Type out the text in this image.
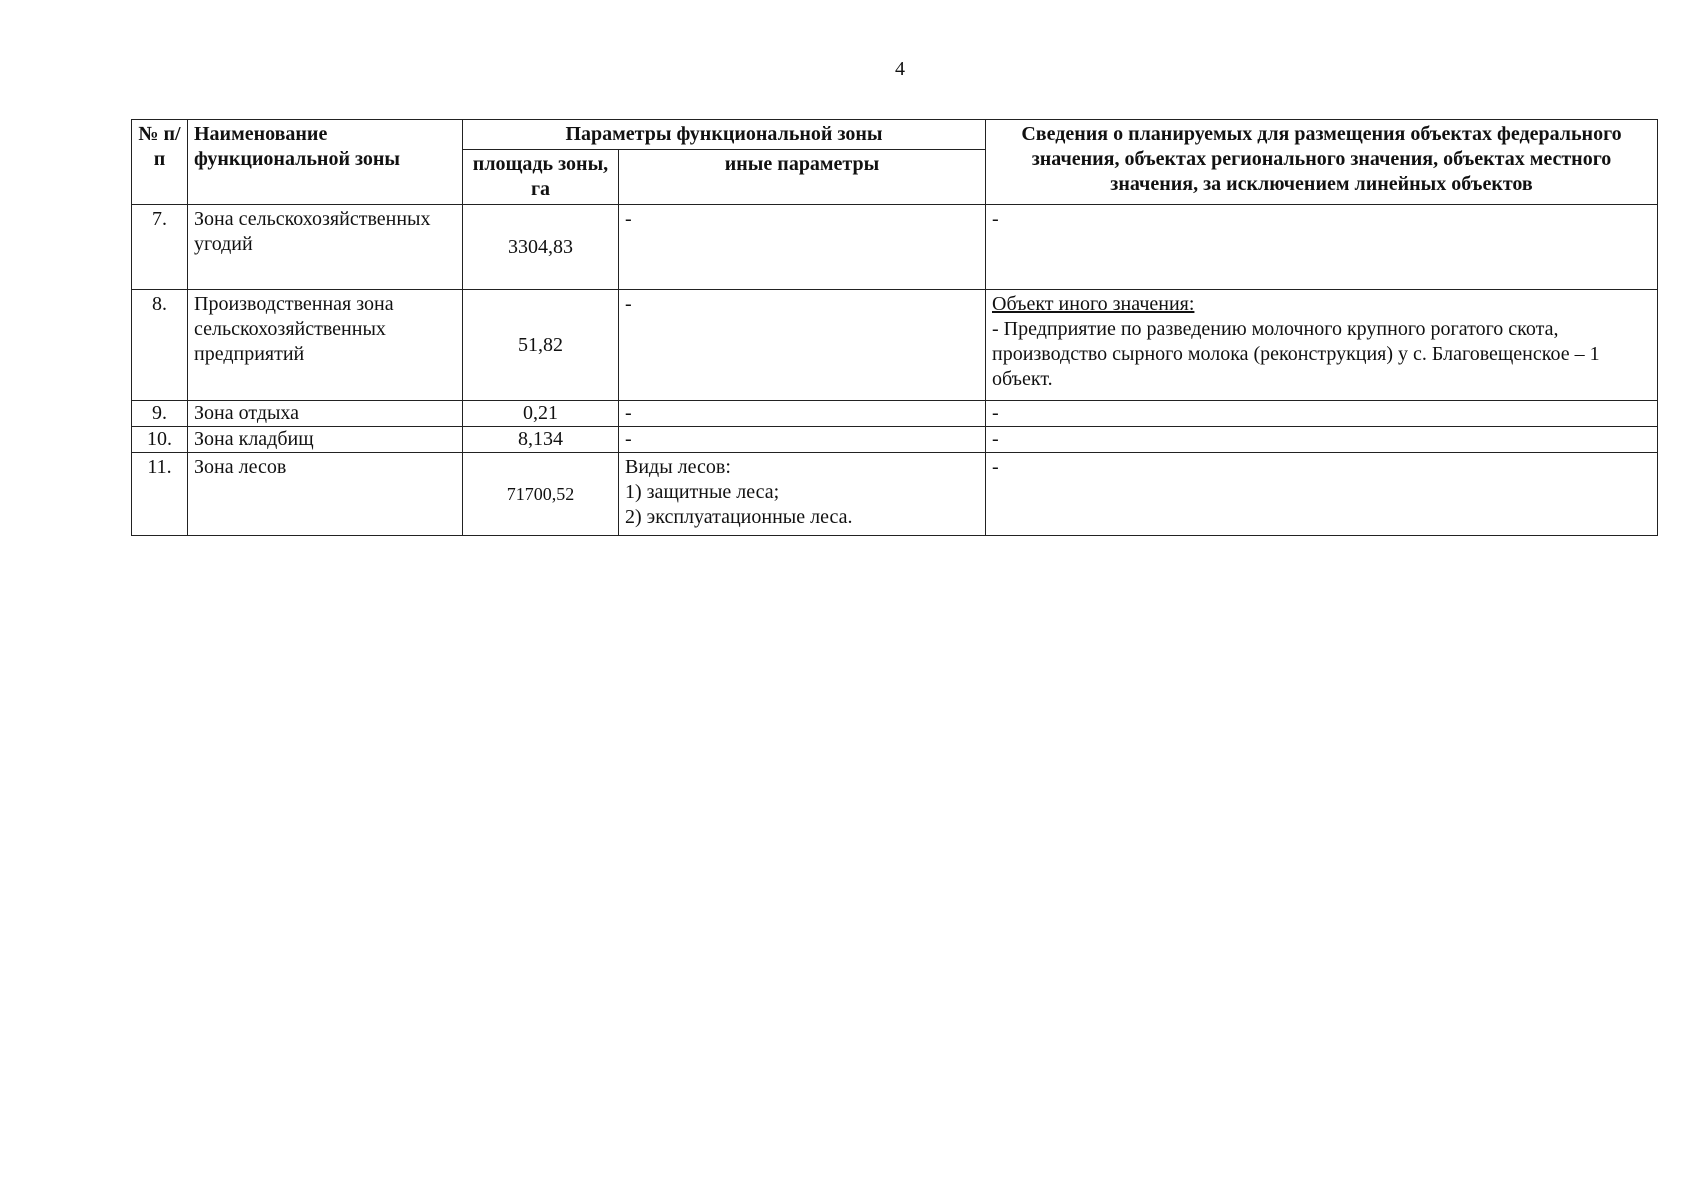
4
№ п/п	Наименование функциональной зоны	Параметры функциональной зоны		Сведения о планируемых для размещения объектах федерального значения, объектах регионального значения, объектах местного значения, за исключением линейных объектов
		площадь зоны, га	иные параметры	
7.	Зона сельскохозяйственных угодий	3304,83	-	-
8.	Производственная зона сельскохозяйственных предприятий	51,82	-	Объект иного значения:
- Предприятие по разведению молочного крупного рогатого скота, производство сырного молока (реконструкция) у с. Благовещенское – 1 объект.

9.	Зона отдыха	0,21	-	-
10.	Зона кладбищ	8,134	-	-
11.	Зона лесов	71700,52	Виды лесов:
1) защитные леса;
2) эксплуатационные леса.	-
